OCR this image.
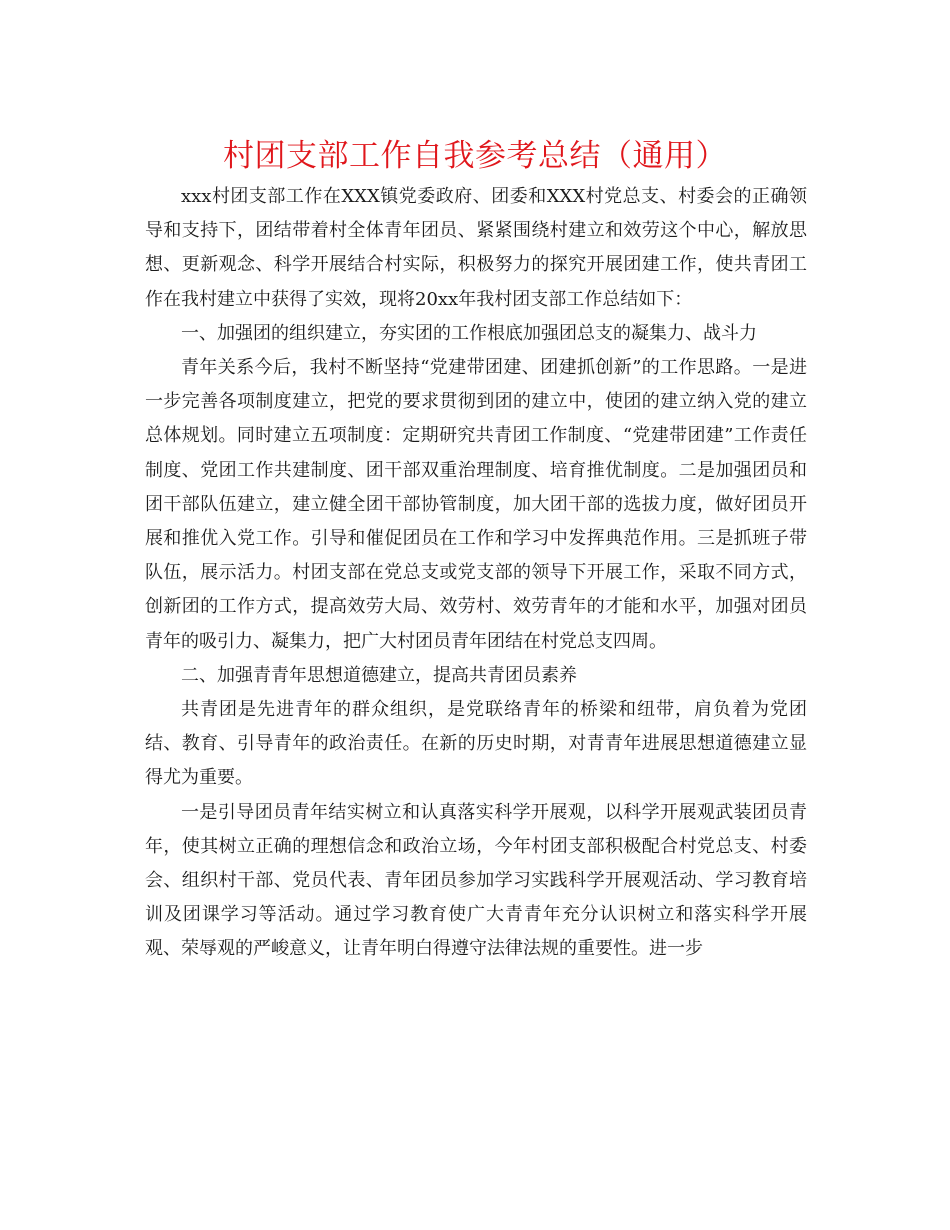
村团支部工作自我参考总结（通用）

xxx村团支部工作在XXX镇党委政府、团委和XXX村党总支、村委会的正确领导和支持下，团结带着村全体青年团员、紧紧围绕村建立和效劳这个中心，解放思想、更新观念、科学开展结合村实际，积极努力的探究开展团建工作，使共青团工作在我村建立中获得了实效，现将20xx年我村团支部工作总结如下：

一、加强团的组织建立，夯实团的工作根底加强团总支的凝集力、战斗力

青年关系今后，我村不断坚持“党建带团建、团建抓创新”的工作思路。一是进一步完善各项制度建立，把党的要求贯彻到团的建立中，使团的建立纳入党的建立总体规划。同时建立五项制度：定期研究共青团工作制度、“党建带团建”工作责任制度、党团工作共建制度、团干部双重治理制度、培育推优制度。二是加强团员和团干部队伍建立，建立健全团干部协管制度，加大团干部的选拔力度，做好团员开展和推优入党工作。引导和催促团员在工作和学习中发挥典范作用。三是抓班子带队伍，展示活力。村团支部在党总支或党支部的领导下开展工作，采取不同方式，创新团的工作方式，提高效劳大局、效劳村、效劳青年的才能和水平，加强对团员青年的吸引力、凝集力，把广大村团员青年团结在村党总支四周。

二、加强青青年思想道德建立，提高共青团员素养

共青团是先进青年的群众组织，是党联络青年的桥梁和纽带，肩负着为党团结、教育、引导青年的政治责任。在新的历史时期，对青青年进展思想道德建立显得尤为重要。

一是引导团员青年结实树立和认真落实科学开展观，以科学开展观武装团员青年，使其树立正确的理想信念和政治立场，今年村团支部积极配合村党总支、村委会、组织村干部、党员代表、青年团员参加学习实践科学开展观活动、学习教育培训及团课学习等活动。通过学习教育使广大青青年充分认识树立和落实科学开展观、荣辱观的严峻意义，让青年明白得遵守法律法规的重要性。进一步
